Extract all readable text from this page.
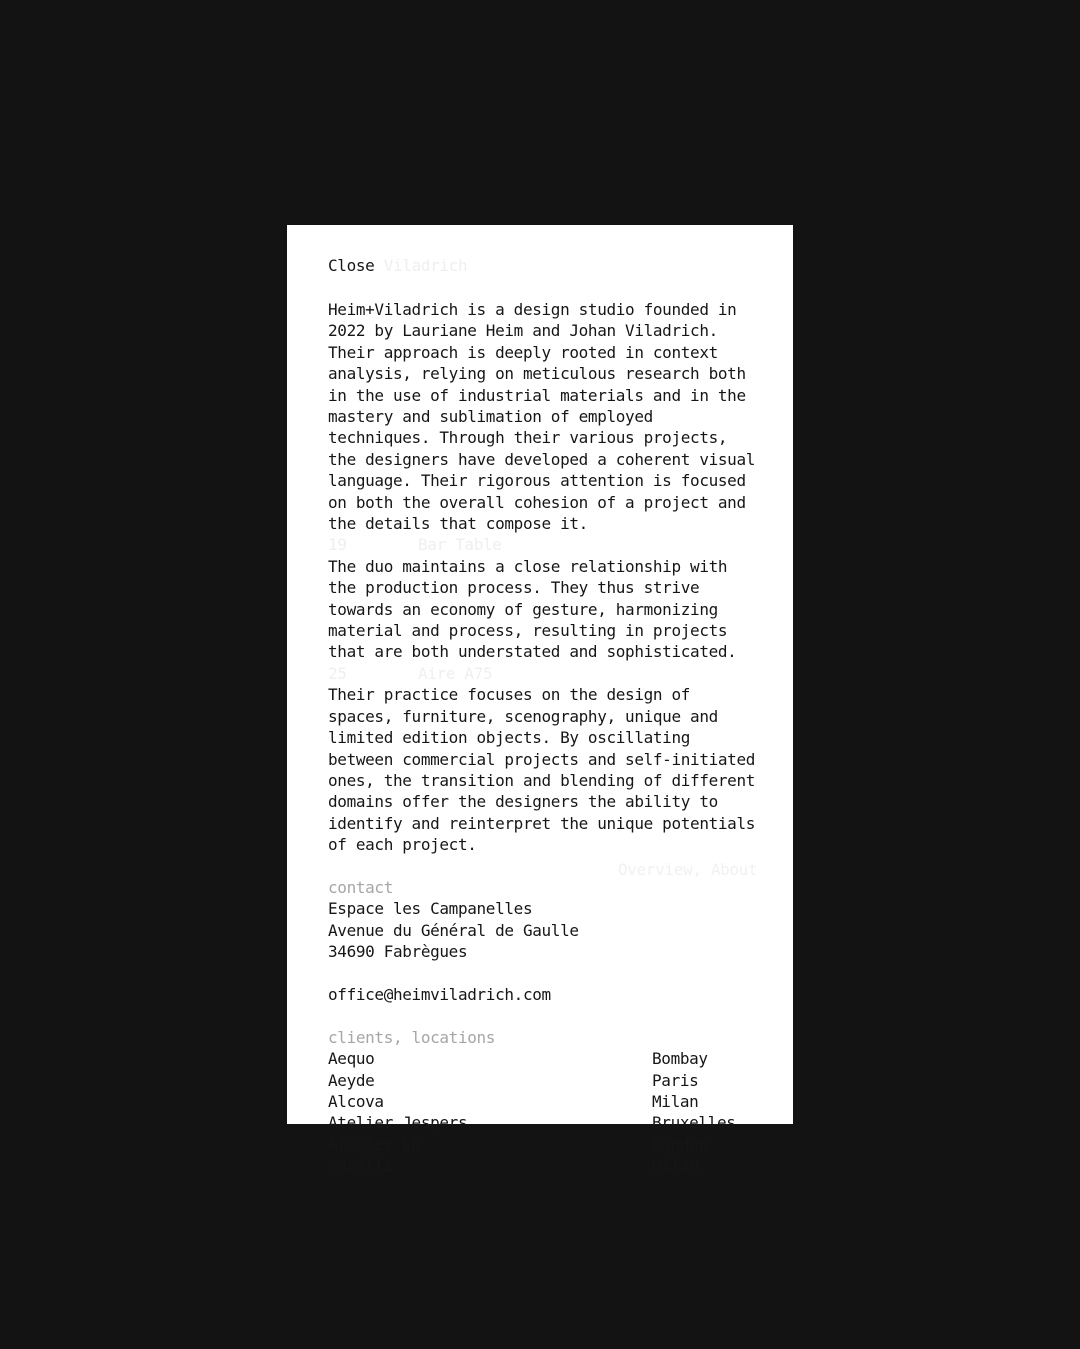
Close Viladrich

Heim+Viladrich is a design studio founded in 2022 by Lauriane Heim and Johan Viladrich. Their approach is deeply rooted in context analysis, relying on meticulous research both in the use of industrial materials and in the mastery and sublimation of employed techniques. Through their various projects, the designers have developed a coherent visual language. Their rigorous attention is focused on both the overall cohesion of a project and the details that compose it.

19	Bar Table

The duo maintains a close relationship with the production process. They thus strive towards an economy of gesture, harmonizing material and process, resulting in projects that are both understated and sophisticated.

25	Aire A75

Their practice focuses on the design of spaces, furniture, scenography, unique and limited edition objects. By oscillating between commercial projects and self-initiated ones, the transition and blending of different domains offer the designers the ability to identify and reinterpret the unique potentials of each project.

contact

Espace les Campanelles

Avenue du Général de Gaulle

34690 Fabrègues

office@heimviladrich.com

clients, locations

Aequo	Bombay
Aeyde	Paris
Alcova	Milan
Atelier Jespers	Bruxelles
Atelier LK	London
Caselli	Milan
Overview, About
